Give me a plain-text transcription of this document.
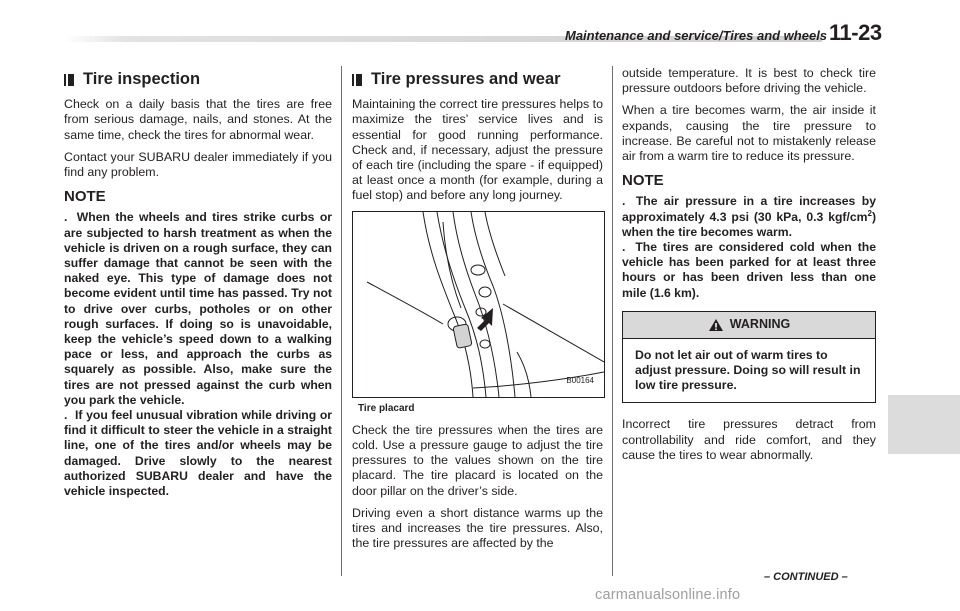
Maintenance and service/Tires and wheels 11-23
Tire inspection

Check on a daily basis that the tires are free from serious damage, nails, and stones. At the same time, check the tires for abnormal wear.

Contact your SUBARU dealer immediately if you find any problem.

NOTE
. When the wheels and tires strike curbs or are subjected to harsh treatment as when the vehicle is driven on a rough surface, they can suffer damage that cannot be seen with the naked eye. This type of damage does not become evident until time has passed. Try not to drive over curbs, potholes or on other rough surfaces. If doing so is unavoidable, keep the vehicle’s speed down to a walking pace or less, and approach the curbs as squarely as possible. Also, make sure the tires are not pressed against the curb when you park the vehicle.
. If you feel unusual vibration while driving or find it difficult to steer the vehicle in a straight line, one of the tires and/or wheels may be damaged. Drive slowly to the nearest authorized SUBARU dealer and have the vehicle inspected.
Tire pressures and wear

Maintaining the correct tire pressures helps to maximize the tires’ service lives and is essential for good running performance. Check and, if necessary, adjust the pressure of each tire (including the spare - if equipped) at least once a month (for example, during a fuel stop) and before any long journey.

B00164
Tire placard

Check the tire pressures when the tires are cold. Use a pressure gauge to adjust the tire pressures to the values shown on the tire placard. The tire placard is located on the door pillar on the driver’s side.

Driving even a short distance warms up the tires and increases the tire pressures. Also, the tire pressures are affected by the

outside temperature. It is best to check tire pressure outdoors before driving the vehicle.

When a tire becomes warm, the air inside it expands, causing the tire pressure to increase. Be careful not to mistakenly release air from a warm tire to reduce its pressure.

NOTE
. The air pressure in a tire increases by approximately 4.3 psi (30 kPa, 0.3 kgf/$cm^2$) when the tire becomes warm.
. The tires are considered cold when the vehicle has been parked for at least three hours or has been driven less than one mile (1.6 km).
WARNING
Do not let air out of warm tires to adjust pressure. Doing so will result in low tire pressure.

Incorrect tire pressures detract from controllability and ride comfort, and they cause the tires to wear abnormally.

– CONTINUED –
carmanualsonline.info
